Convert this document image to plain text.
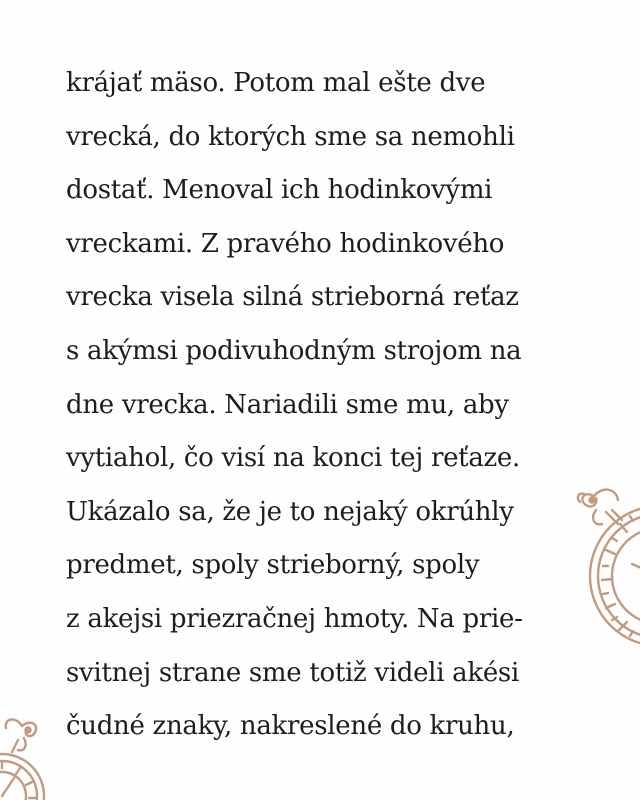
krájať mäso. Potom mal ešte dve
vrecká, do ktorých sme sa nemohli
dostať. Menoval ich hodinkovými
vreckami. Z pravého hodinkového
vrecka visela silná strieborná reťaz
s akýmsi podivuhodným strojom na
dne vrecka. Nariadili sme mu, aby
vytiahol, čo visí na konci tej reťaze.
Ukázalo sa, že je to nejaký okrúhly
predmet, spoly strieborný, spoly
z akejsi priezračnej hmoty. Na prie-
svitnej strane sme totiž videli akési
čudné znaky, nakreslené do kruhu,
